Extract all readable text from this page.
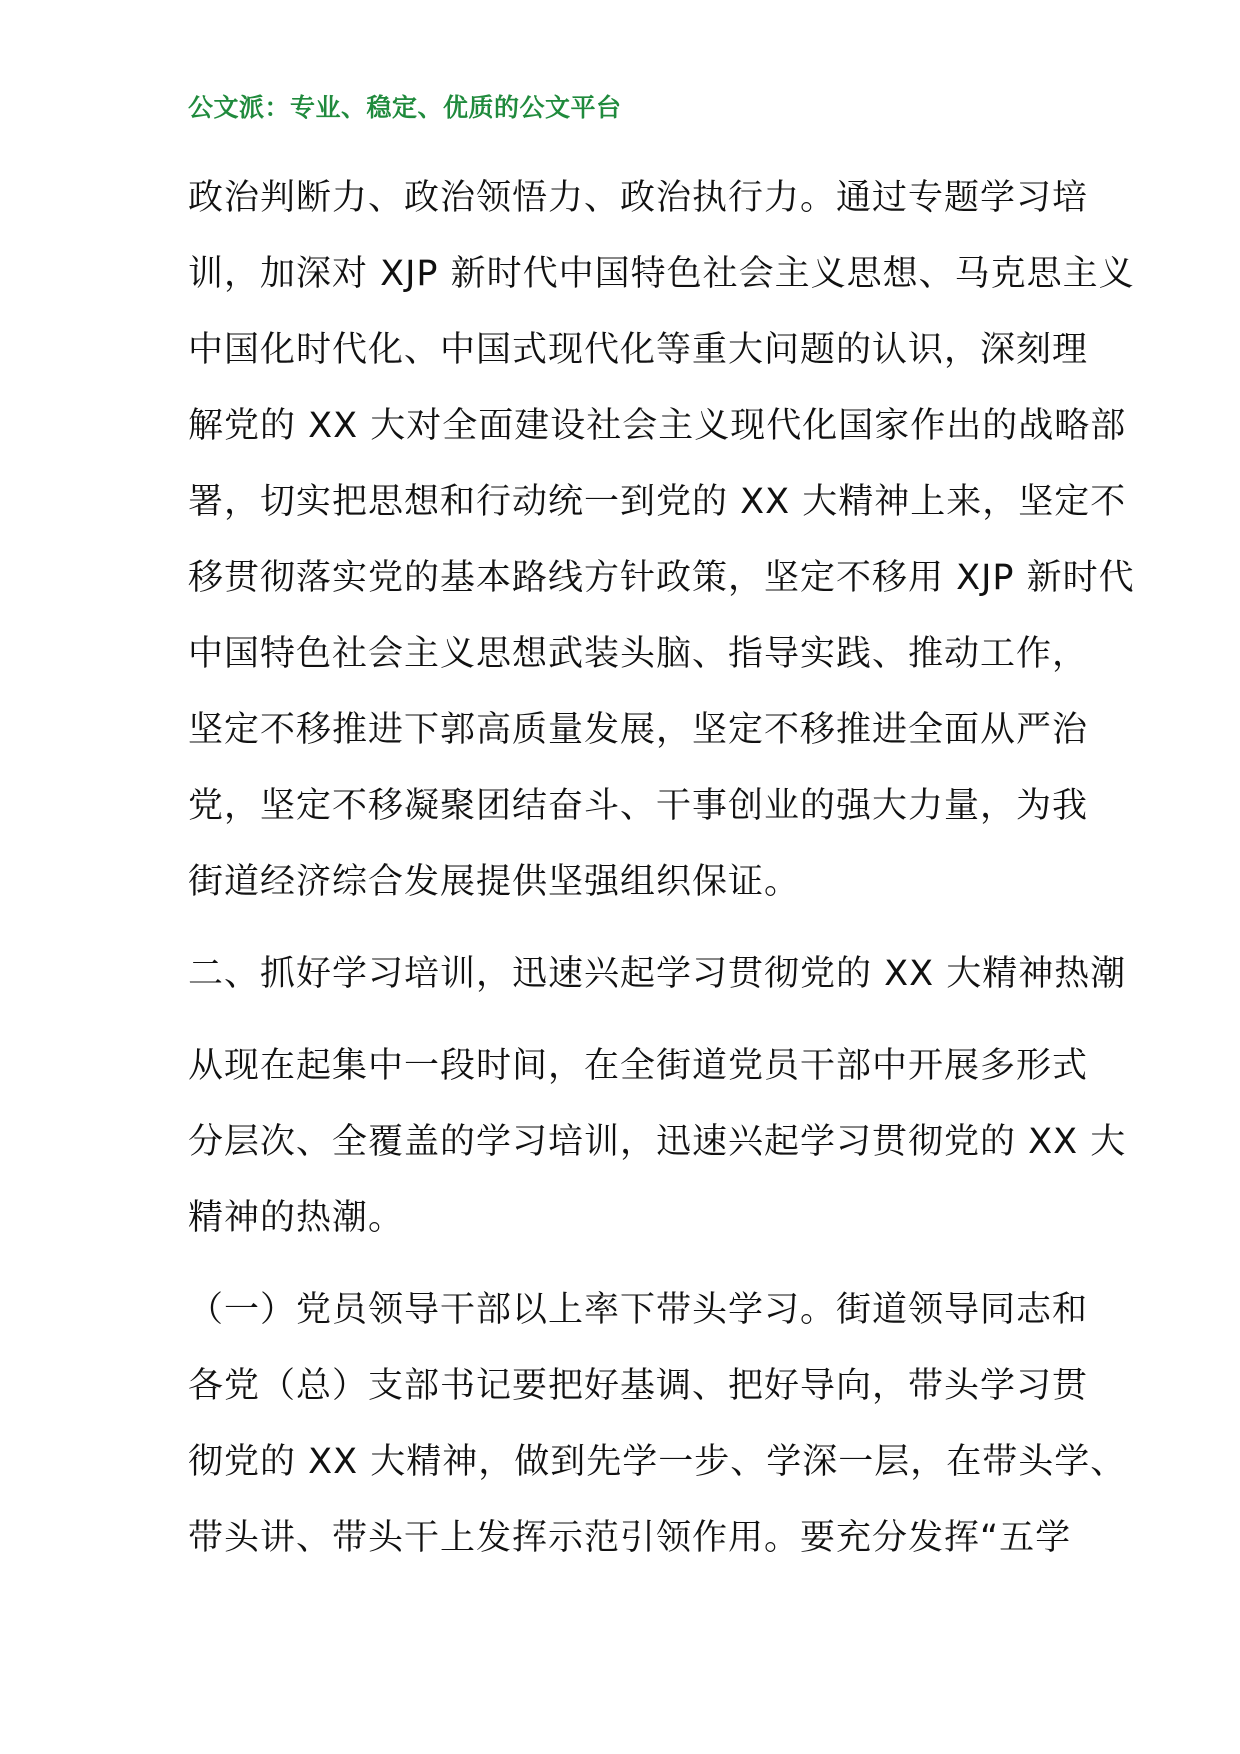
公文派：专业、稳定、优质的公文平台
政治判断力、政治领悟力、政治执行力。通过专题学习培
训，加深对 XJP 新时代中国特色社会主义思想、马克思主义
中国化时代化、中国式现代化等重大问题的认识，深刻理
解党的 XX 大对全面建设社会主义现代化国家作出的战略部
署，切实把思想和行动统一到党的 XX 大精神上来，坚定不
移贯彻落实党的基本路线方针政策，坚定不移用 XJP 新时代
中国特色社会主义思想武装头脑、指导实践、推动工作，
坚定不移推进下郭高质量发展，坚定不移推进全面从严治
党，坚定不移凝聚团结奋斗、干事创业的强大力量，为我
街道经济综合发展提供坚强组织保证。
二、抓好学习培训，迅速兴起学习贯彻党的 XX 大精神热潮
从现在起集中一段时间，在全街道党员干部中开展多形式
分层次、全覆盖的学习培训，迅速兴起学习贯彻党的 XX 大
精神的热潮。
（一）党员领导干部以上率下带头学习。街道领导同志和
各党（总）支部书记要把好基调、把好导向，带头学习贯
彻党的 XX 大精神，做到先学一步、学深一层，在带头学、
带头讲、带头干上发挥示范引领作用。要充分发挥“五学
